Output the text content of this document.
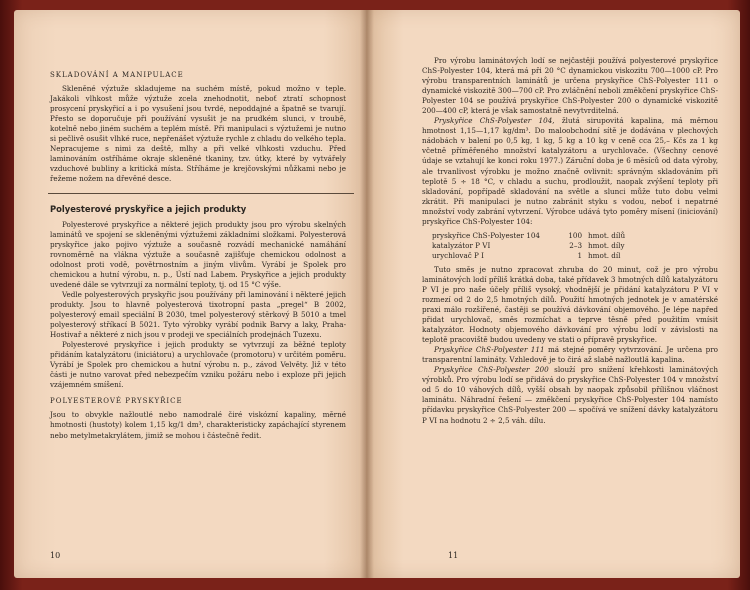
SKLADOVÁNÍ A MANIPULACE

Skleněné výztuže skladujeme na suchém místě, pokud možno v teple. Jakákoli vlhkost může výztuže zcela znehodnotit, neboť ztratí schopnost prosycení pryskyřicí a i po vysušení jsou tvrdé, nepoddajné a špatně se tvarují. Přesto se doporučuje při používání vysušit je na prudkém slunci, v troubě, kotelně nebo jiném suchém a teplém místě. Při manipulaci s výztužemi je nutno si pečlivě osušit vlhké ruce, nepřenášet výztuže rychle z chladu do velkého tepla. Nepracujeme s nimi za deště, mlhy a při velké vlhkosti vzduchu. Před laminováním ostříháme okraje skleněné tkaniny, tzv. útky, které by vytvářely vzduchové bubliny a kritická místa. Stříháme je krejčovskými nůžkami nebo je řežeme nožem na dřevěné desce.

Polyesterové pryskyřice a jejich produkty

Polyesterové pryskyřice a některé jejich produkty jsou pro výrobu skelných laminátů ve spojení se skleněnými výztužemi základními složkami. Polyesterová pryskyřice jako pojivo výztuže a současně rozvádí mechanické namáhání rovnoměrně na vlákna výztuže a současně zajišťuje chemickou odolnost a odolnost proti vodě, povětrnostním a jiným vlivům. Vyrábí je Spolek pro chemickou a hutní výrobu, n. p., Ústí nad Labem. Pryskyřice a jejich produkty uvedené dále se vytvrzují za normální teploty, tj. od 15 °C výše.

Vedle polyesterových pryskyřic jsou používány při laminování i některé jejich produkty. Jsou to hlavně polyesterová tixotropní pasta „pregel“ B 2002, polyesterový email speciální B 2030, tmel polyesterový stěrkový B 5010 a tmel polyesterový stříkací B 5021. Tyto výrobky vyrábí podnik Barvy a laky, Praha-Hostivař a některé z nich jsou v prodeji ve speciálních prodejnách Tuzexu.

Polyesterové pryskyřice i jejich produkty se vytvrzují za běžné teploty přidáním katalyzátoru (iniciátoru) a urychlovače (promotoru) v určitém poměru. Vyrábí je Spolek pro chemickou a hutní výrobu n. p., závod Velvěty. Již v této části je nutno varovat před nebezpečím vzniku požáru nebo i exploze při jejich vzájemném smíšení.

POLYESTEROVÉ PRYSKYŘICE

Jsou to obvykle nažloutlé nebo namodralé čiré viskózní kapaliny, měrné hmotnosti (hustoty) kolem 1,15 kg/1 dm³, charakteristicky zapáchající styrenem nebo metylmetakrylátem, jimiž se mohou i částečně ředit.

10

Pro výrobu laminátových lodí se nejčastěji používá polyesterové pryskyřice ChS-Polyester 104, která má při 20 °C dynamickou viskozitu 700—1000 cP. Pro výrobu transparentních laminátů je určena pryskyřice ChS-Polyester 111 o dynamické viskozitě 300—700 cP. Pro zvláčnění neboli změkčení pryskyřice ChS-Polyester 104 se používá pryskyřice ChS-Polyester 200 o dynamické viskozitě 200—400 cP, která je však samostatně nevytvrditelná.

Pryskyřice ChS-Polyester 104, žlutá sirupovitá kapalina, má měrnou hmotnost 1,15—1,17 kg/dm³. Do maloobchodní sítě je dodávána v plechových nádobách v balení po 0,5 kg, 1 kg, 5 kg a 10 kg v ceně cca 25,– Kčs za 1 kg včetně příměřeného množství katalyzátoru a urychlovače. (Všechny cenové údaje se vztahují ke konci roku 1977.) Záruční doba je 6 měsíců od data výroby, ale trvanlivost výrobku je možno značně ovlivnit: správným skladováním při teplotě 5 ÷ 18 °C, v chladu a suchu, prodloužit, naopak zvýšení teploty při skladování, popřípadě skladování na světle a slunci může tuto dobu velmi zkrátit. Při manipulaci je nutno zabránit styku s vodou, neboť i nepatrné množství vody zabrání vytvrzení. Výrobce udává tyto poměry mísení (iniciování) pryskyřice ChS-Polyester 104:

pryskyřice ChS-Polyester 104	100	hmot. dílů
katalyzátor P VI	2–3	hmot. díly
urychlovač P I	1	hmot. díl

Tuto směs je nutno zpracovat zhruba do 20 minut, což je pro výrobu laminátových lodí příliš krátká doba, také přídavek 3 hmotných dílů katalyzátoru P VI je pro naše účely příliš vysoký, vhodnější je přidání katalyzátoru P VI v rozmezí od 2 do 2,5 hmotných dílů. Použití hmotných jednotek je v amatérské praxi málo rozšířené, častěji se používá dávkování objemového. Je lépe napřed přidat urychlovač, směs rozmíchat a teprve těsně před použitím vmísit katalyzátor. Hodnoty objemového dávkování pro výrobu lodí v závislosti na teplotě pracoviště budou uvedeny ve stati o přípravě pryskyřice.

Pryskyřice ChS-Polyester 111 má stejné poměry vytvrzování. Je určena pro transparentní lamináty. Vzhledově je to čirá až slabě nažloutlá kapalina.

Pryskyřice ChS-Polyester 200 slouží pro snížení křehkosti laminátových výrobků. Pro výrobu lodí se přidává do pryskyřice ChS-Polyester 104 v množství od 5 do 10 váhových dílů, vyšší obsah by naopak způsobil přílišnou vláčnost laminátu. Náhradní řešení — změkčení pryskyřice ChS-Polyester 104 namísto přídavku pryskyřice ChS-Polyester 200 — spočívá ve snížení dávky katalyzátoru P VI na hodnotu 2 ÷ 2,5 váh. dílu.

11
